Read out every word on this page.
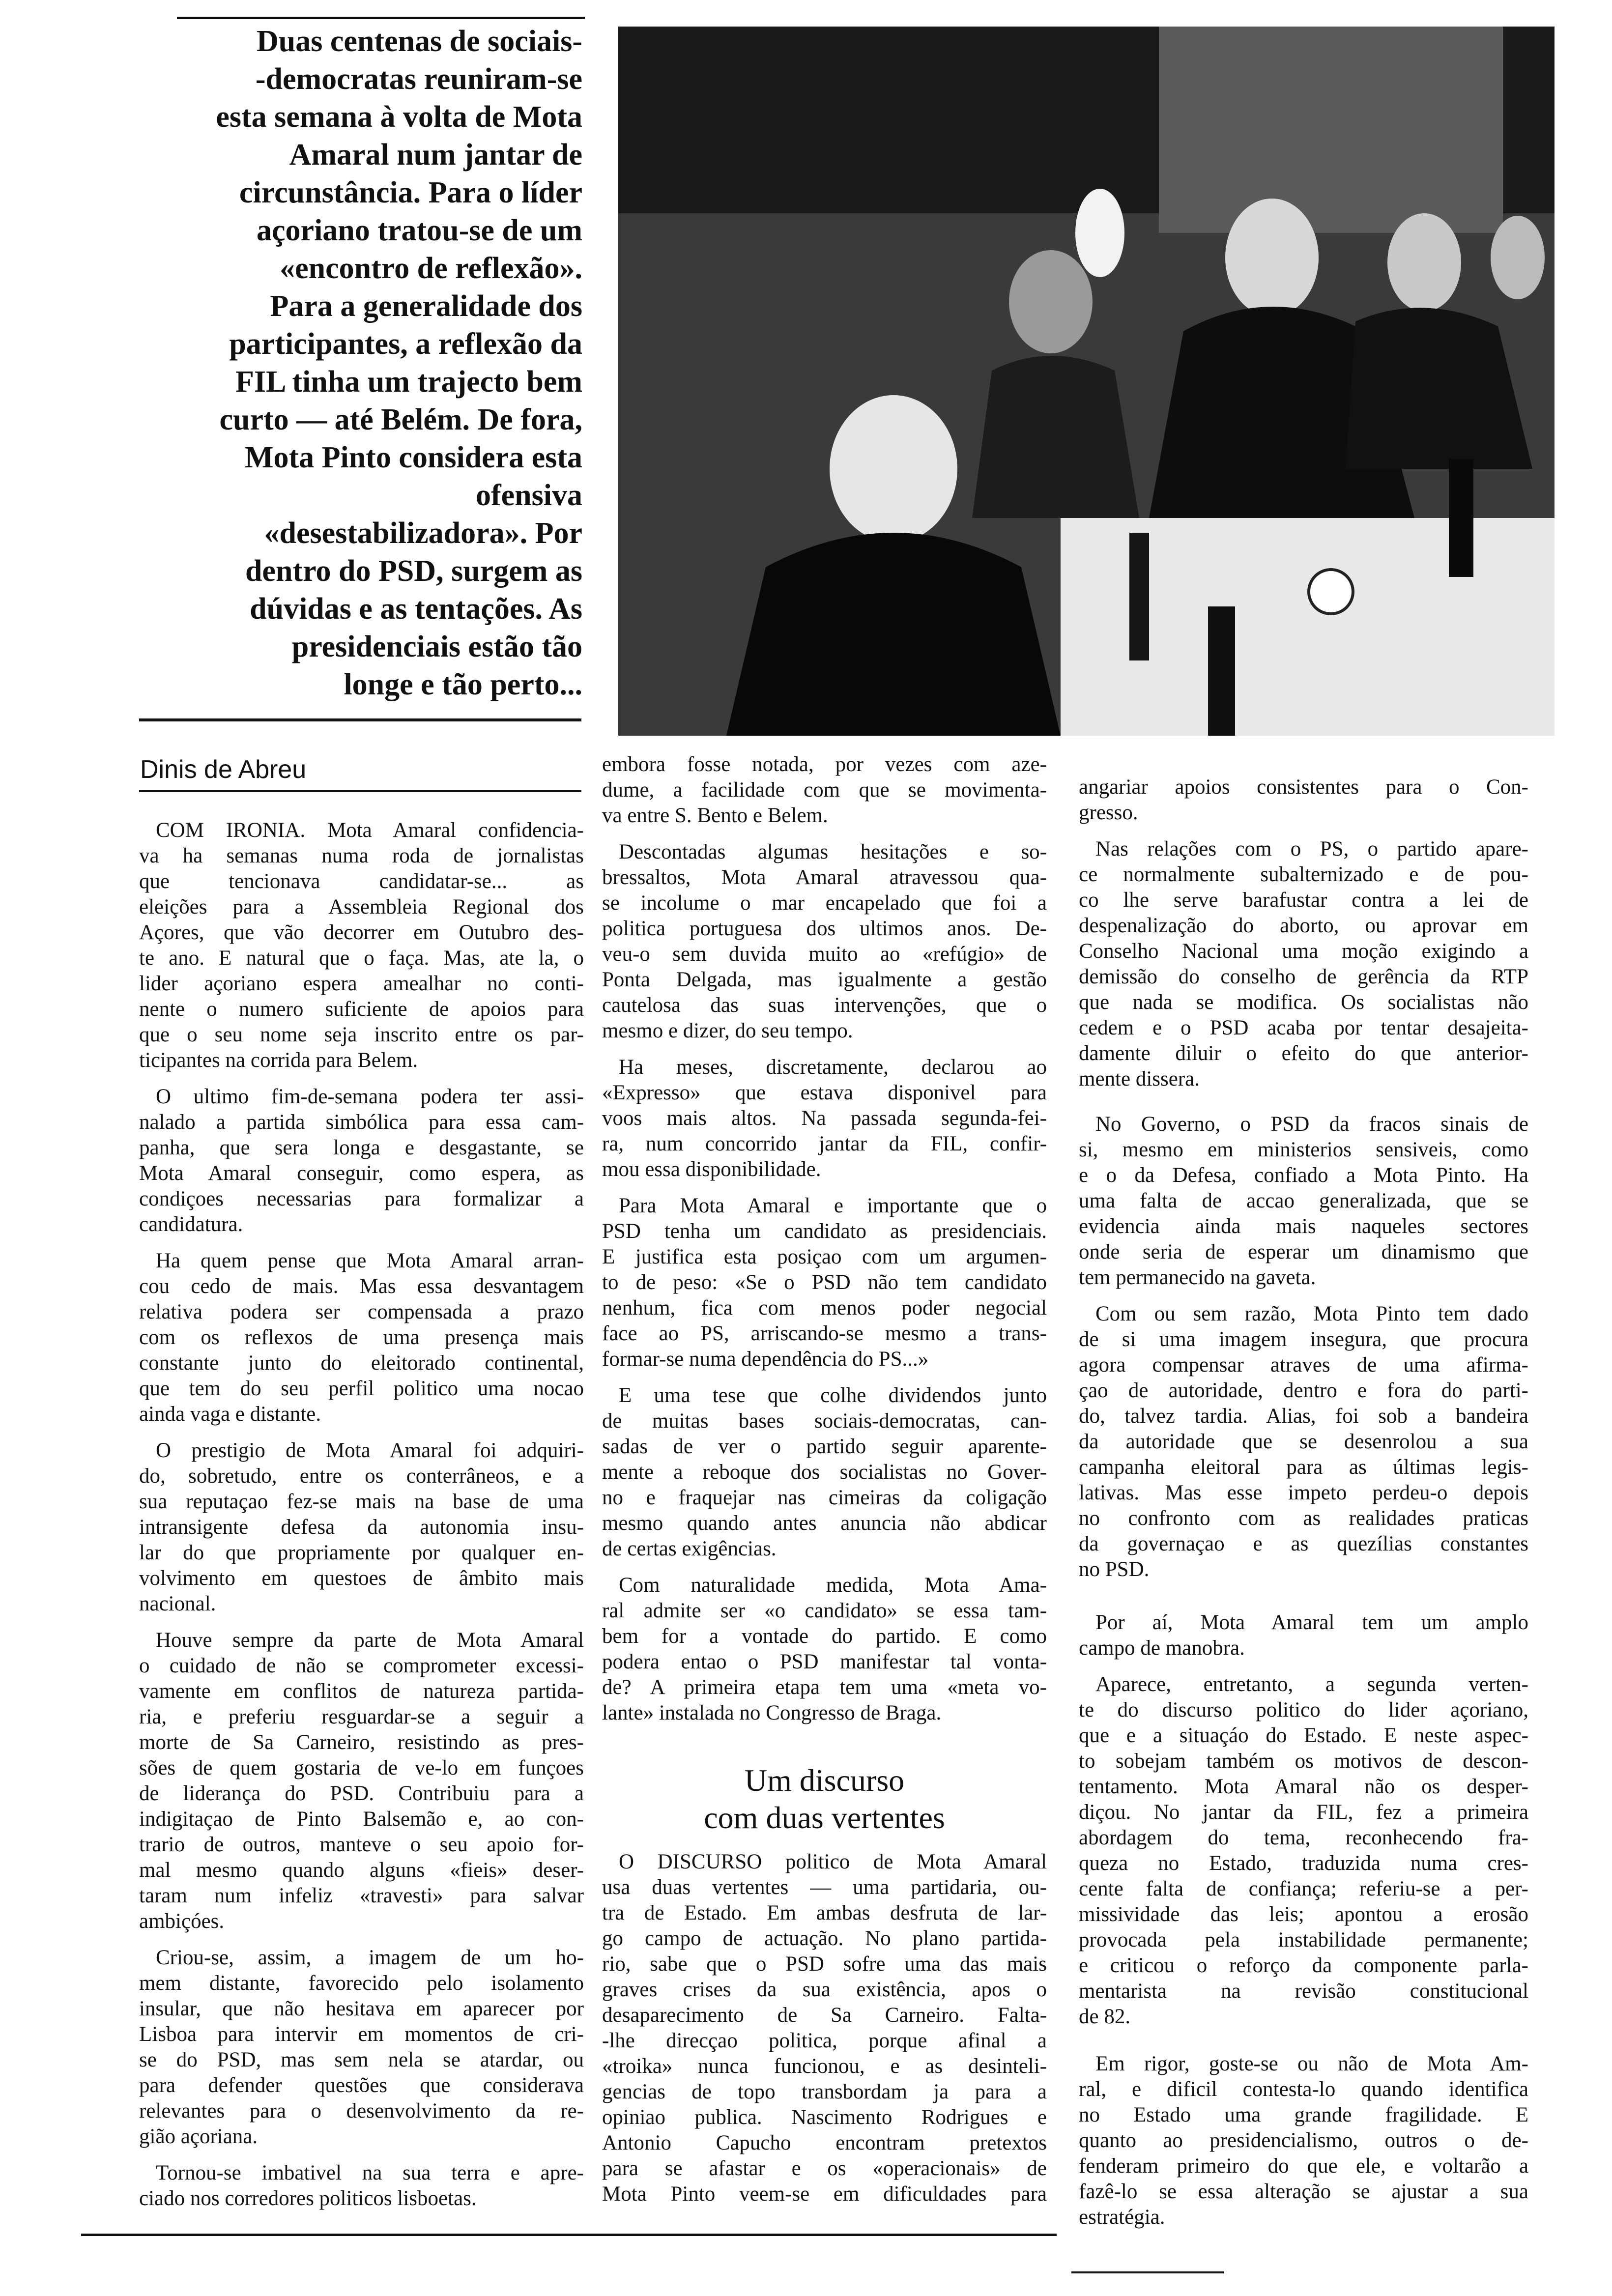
Duas centenas de sociais-
-democratas reuniram-se
esta semana à volta de Mota
Amaral num jantar de
circunstância. Para o líder
açoriano tratou-se de um
«encontro de reflexão».
Para a generalidade dos
participantes, a reflexão da
FIL tinha um trajecto bem
curto — até Belém. De fora,
Mota Pinto considera esta
ofensiva
«desestabilizadora». Por
dentro do PSD, surgem as
dúvidas e as tentações. As
presidenciais estão tão
longe e tão perto...
Dinis de Abreu
COM IRONIA. Mota Amaral confidencia-
va ha semanas numa roda de jornalistas
que tencionava candidatar-se... as
eleições para a Assembleia Regional dos
Açores, que vão decorrer em Outubro des-
te ano. E natural que o faça. Mas, ate la, o
lider açoriano espera amealhar no conti-
nente o numero suficiente de apoios para
que o seu nome seja inscrito entre os par-
ticipantes na corrida para Belem.
O ultimo fim-de-semana podera ter assi-
nalado a partida simbólica para essa cam-
panha, que sera longa e desgastante, se
Mota Amaral conseguir, como espera, as
condiçoes necessarias para formalizar a
candidatura.
Ha quem pense que Mota Amaral arran-
cou cedo de mais. Mas essa desvantagem
relativa podera ser compensada a prazo
com os reflexos de uma presença mais
constante junto do eleitorado continental,
que tem do seu perfil politico uma nocao
ainda vaga e distante.
O prestigio de Mota Amaral foi adquiri-
do, sobretudo, entre os conterrâneos, e a
sua reputaçao fez-se mais na base de uma
intransigente defesa da autonomia insu-
lar do que propriamente por qualquer en-
volvimento em questoes de âmbito mais
nacional.
Houve sempre da parte de Mota Amaral
o cuidado de não se comprometer excessi-
vamente em conflitos de natureza partida-
ria, e preferiu resguardar-se a seguir a
morte de Sa Carneiro, resistindo as pres-
sões de quem gostaria de ve-lo em funçoes
de liderança do PSD. Contribuiu para a
indigitaçao de Pinto Balsemão e, ao con-
trario de outros, manteve o seu apoio for-
mal mesmo quando alguns «fieis» deser-
taram num infeliz «travesti» para salvar
ambiçóes.
Criou-se, assim, a imagem de um ho-
mem distante, favorecido pelo isolamento
insular, que não hesitava em aparecer por
Lisboa para intervir em momentos de cri-
se do PSD, mas sem nela se atardar, ou
para defender questões que considerava
relevantes para o desenvolvimento da re-
gião açoriana.
Tornou-se imbativel na sua terra e apre-
ciado nos corredores politicos lisboetas.
embora fosse notada, por vezes com aze-
dume, a facilidade com que se movimenta-
va entre S. Bento e Belem.
Descontadas algumas hesitações e so-
bressaltos, Mota Amaral atravessou qua-
se incolume o mar encapelado que foi a
politica portuguesa dos ultimos anos. De-
veu-o sem duvida muito ao «refúgio» de
Ponta Delgada, mas igualmente a gestão
cautelosa das suas intervenções, que o
mesmo e dizer, do seu tempo.
Ha meses, discretamente, declarou ao
«Expresso» que estava disponivel para
voos mais altos. Na passada segunda-fei-
ra, num concorrido jantar da FIL, confir-
mou essa disponibilidade.
Para Mota Amaral e importante que o
PSD tenha um candidato as presidenciais.
E justifica esta posiçao com um argumen-
to de peso: «Se o PSD não tem candidato
nenhum, fica com menos poder negocial
face ao PS, arriscando-se mesmo a trans-
formar-se numa dependência do PS...»
E uma tese que colhe dividendos junto
de muitas bases sociais-democratas, can-
sadas de ver o partido seguir aparente-
mente a reboque dos socialistas no Gover-
no e fraquejar nas cimeiras da coligação
mesmo quando antes anuncia não abdicar
de certas exigências.
Com naturalidade medida, Mota Ama-
ral admite ser «o candidato» se essa tam-
bem for a vontade do partido. E como
podera entao o PSD manifestar tal vonta-
de? A primeira etapa tem uma «meta vo-
lante» instalada no Congresso de Braga.
Um discurso
com duas vertentes
O DISCURSO politico de Mota Amaral
usa duas vertentes — uma partidaria, ou-
tra de Estado. Em ambas desfruta de lar-
go campo de actuação. No plano partida-
rio, sabe que o PSD sofre uma das mais
graves crises da sua existência, apos o
desaparecimento de Sa Carneiro. Falta-
-lhe direcçao politica, porque afinal a
«troika» nunca funcionou, e as desinteli-
gencias de topo transbordam ja para a
opiniao publica. Nascimento Rodrigues e
Antonio Capucho encontram pretextos
para se afastar e os «operacionais» de
Mota Pinto veem-se em dificuldades para
angariar apoios consistentes para o Con-
gresso.
Nas relações com o PS, o partido apare-
ce normalmente subalternizado e de pou-
co lhe serve barafustar contra a lei de
despenalização do aborto, ou aprovar em
Conselho Nacional uma moção exigindo a
demissão do conselho de gerência da RTP
que nada se modifica. Os socialistas não
cedem e o PSD acaba por tentar desajeita-
damente diluir o efeito do que anterior-
mente dissera.
No Governo, o PSD da fracos sinais de
si, mesmo em ministerios sensiveis, como
e o da Defesa, confiado a Mota Pinto. Ha
uma falta de accao generalizada, que se
evidencia ainda mais naqueles sectores
onde seria de esperar um dinamismo que
tem permanecido na gaveta.
Com ou sem razão, Mota Pinto tem dado
de si uma imagem insegura, que procura
agora compensar atraves de uma afirma-
çao de autoridade, dentro e fora do parti-
do, talvez tardia. Alias, foi sob a bandeira
da autoridade que se desenrolou a sua
campanha eleitoral para as últimas legis-
lativas. Mas esse impeto perdeu-o depois
no confronto com as realidades praticas
da governaçao e as quezílias constantes
no PSD.
Por aí, Mota Amaral tem um amplo
campo de manobra.
Aparece, entretanto, a segunda verten-
te do discurso politico do lider açoriano,
que e a situaçáo do Estado. E neste aspec-
to sobejam também os motivos de descon-
tentamento. Mota Amaral não os desper-
diçou. No jantar da FIL, fez a primeira
abordagem do tema, reconhecendo fra-
queza no Estado, traduzida numa cres-
cente falta de confiança; referiu-se a per-
missividade das leis; apontou a erosão
provocada pela instabilidade permanente;
e criticou o reforço da componente parla-
mentarista na revisão constitucional
de 82.
Em rigor, goste-se ou não de Mota Am-
ral, e dificil contesta-lo quando identifica
no Estado uma grande fragilidade. E
quanto ao presidencialismo, outros o de-
fenderam primeiro do que ele, e voltarão a
fazê-lo se essa alteração se ajustar a sua
estratégia.
